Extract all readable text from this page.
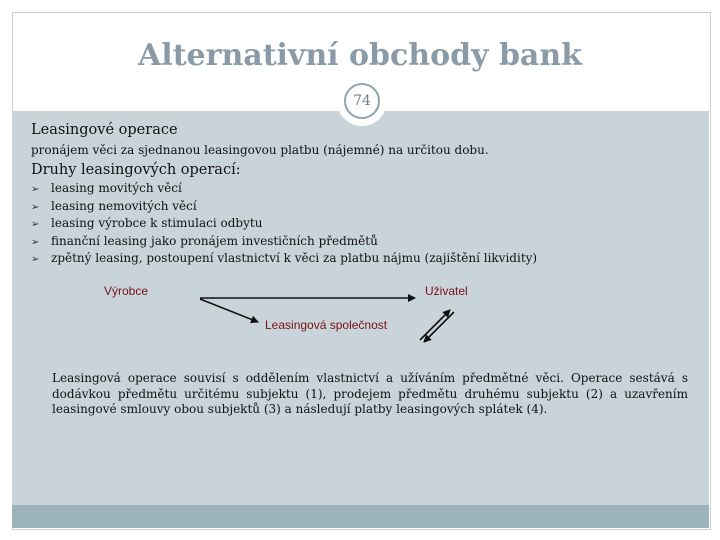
Alternativní obchody bank
74
Leasingové operace
pronájem věci za sjednanou leasingovou platbu (nájemné) na určitou dobu.
Druhy leasingových operací:
➢ leasing movitých věcí
➢ leasing nemovitých věcí
➢ leasing výrobce k stimulaci odbytu
➢ finanční leasing jako pronájem investičních předmětů
➢ zpětný leasing, postoupení vlastnictví k věci za platbu nájmu (zajištění likvidity)
Výrobce	Uživatel
Leasingová společnost
Leasingová operace souvisí s oddělením vlastnictví a užíváním předmětné věci. Operace sestává s dodávkou předmětu určitému subjektu (1), prodejem předmětu druhému subjektu (2) a uzavřením leasingové smlouvy obou subjektů (3) a následují platby leasingových splátek (4).
